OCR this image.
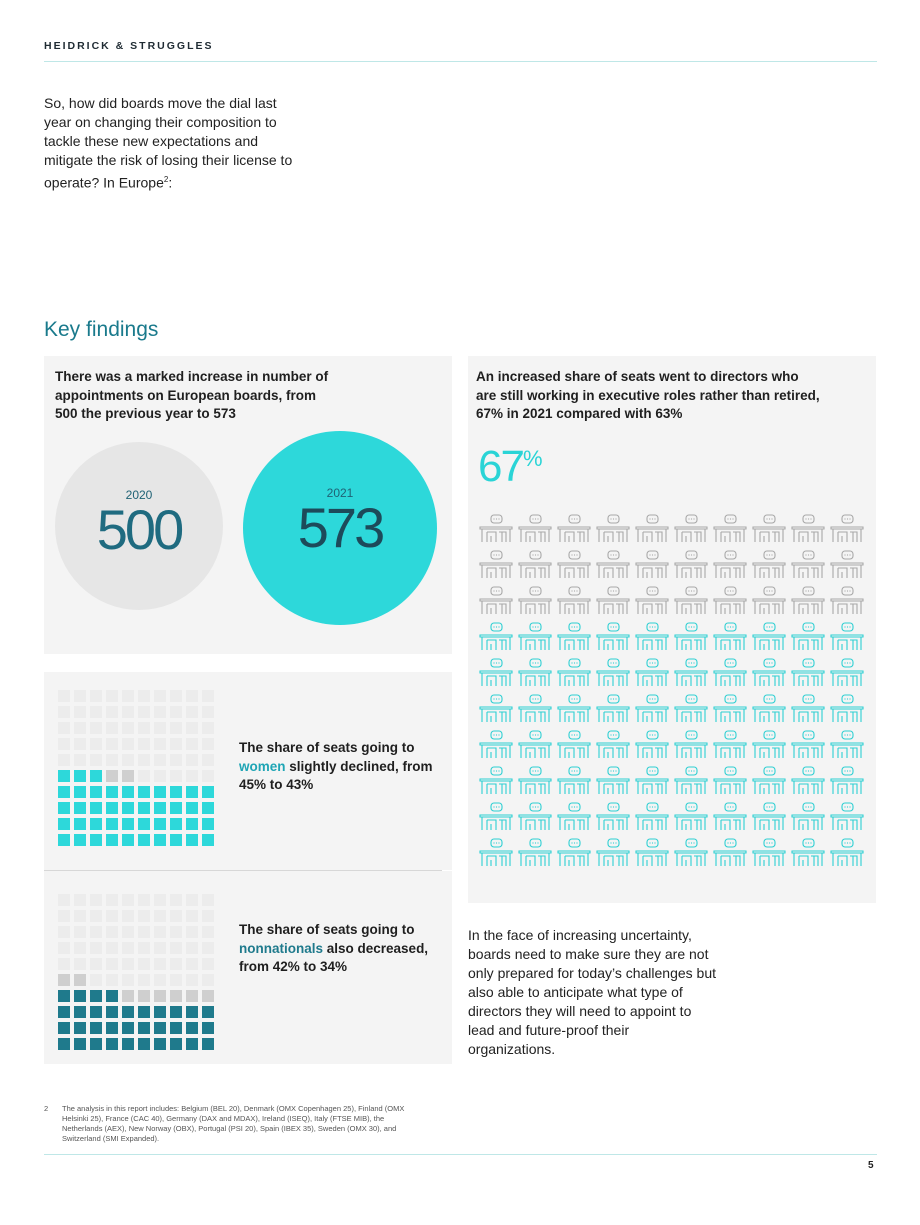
HEIDRICK & STRUGGLES
So, how did boards move the dial last year on changing their composition to tackle these new expectations and mitigate the risk of losing their license to operate? In Europe$^2$:
Key findings
There was a marked increase in number of appointments on European boards, from 500 the previous year to 573
2020
500
2021
573
The share of seats going to women slightly declined, from 45% to 43%
The share of seats going to nonnationals also decreased, from 42% to 34%
An increased share of seats went to directors who are still working in executive roles rather than retired, 67% in 2021 compared with 63%
67%
In the face of increasing uncertainty, boards need to make sure they are not only prepared for today’s challenges but also able to anticipate what type of directors they will need to appoint to lead and future-proof their organizations.
2 The analysis in this report includes: Belgium (BEL 20), Denmark (OMX Copenhagen 25), Finland (OMX Helsinki 25), France (CAC 40), Germany (DAX and MDAX), Ireland (ISEQ), Italy (FTSE MIB), the Netherlands (AEX), New Norway (OBX), Portugal (PSI 20), Spain (IBEX 35), Sweden (OMX 30), and Switzerland (SMI Expanded).
5
